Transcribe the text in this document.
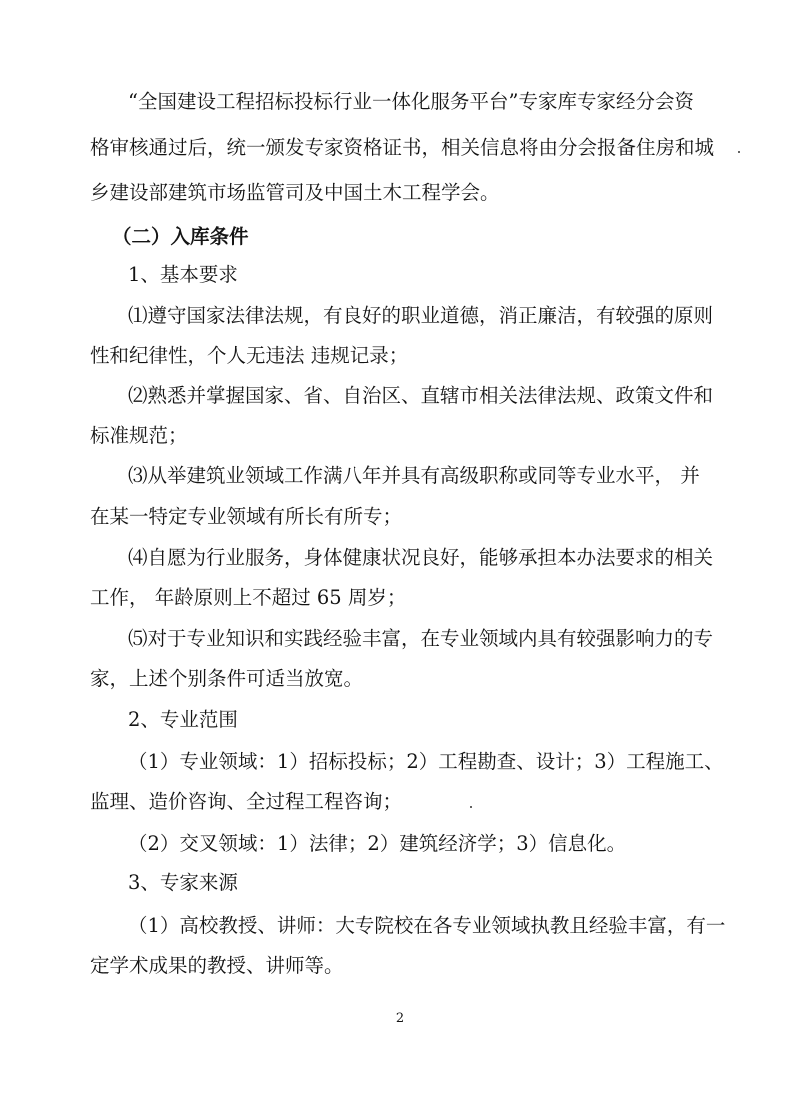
“全国建设工程招标投标行业一体化服务平台”专家库专家经分会资
格审核通过后，统一颁发专家资格证书，相关信息将由分会报备住房和城
乡建设部建筑市场监管司及中国土木工程学会。
（二）入库条件
1、基本要求
⑴遵守国家法律法规，有良好的职业道德，消正廉洁，有较强的原则
性和纪律性，个人无违法 违规记录；
⑵熟悉并掌握国家、省、自治区、直辖市相关法律法规、政策文件和
标准规范；
⑶从举建筑业领域工作满八年并具有高级职称或同等专业水平， 并
在某一特定专业领域有所长有所专；
⑷自愿为行业服务，身体健康状况良好，能够承担本办法要求的相关
工作， 年龄原则上不超过 65 周岁；
⑸对于专业知识和实践经验丰富，在专业领域内具有较强影响力的专
家，上述个别条件可适当放宽。
2、专业范围
（1）专业领域：1）招标投标；2）工程勘查、设计；3）工程施工、
监理、造价咨询、全过程工程咨询；
（2）交叉领域：1）法律；2）建筑经济学；3）信息化。
3、专家来源
（1）高校教授、讲师：大专院校在各专业领域执教且经验丰富，有一
定学术成果的教授、讲师等。
2
